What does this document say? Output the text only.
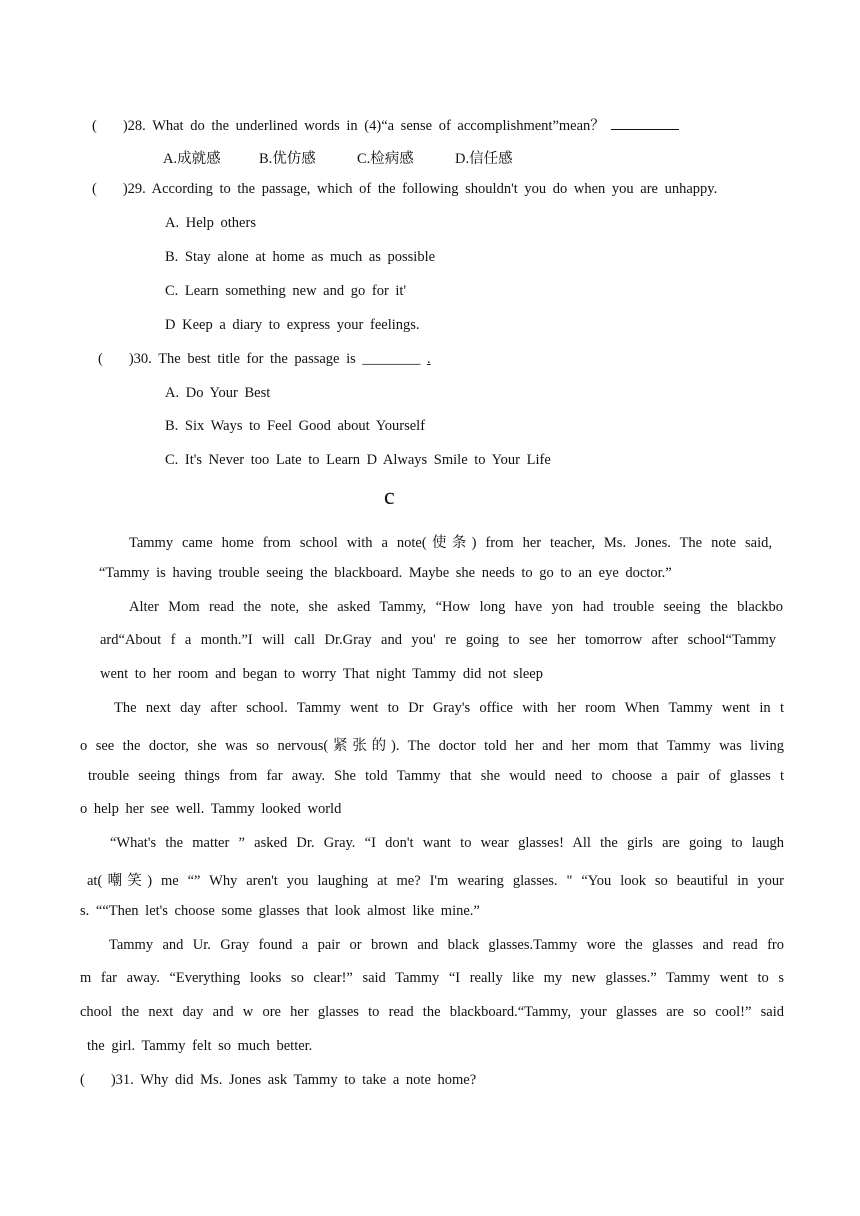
( )28. What do the underlined words in (4)“a sense of accomplishment”mean？
A.成就感	B.优仿感	C.检病感	D.信任感
( )29. According to the passage, which of the following shouldn't you do when you are unhappy.
A. Help others
B. Stay alone at home as much as possible
C. Learn something new and go for it'
D Keep a diary to express your feelings.
( )30. The best title for the passage is ________ .
A. Do Your Best
B. Six Ways to Feel Good about Yourself
C. It's Never too Late to Learn D Always Smile to Your Life
c
Tammy came home from school with a note(使条) from her teacher, Ms. Jones. The note said,
“Tammy is having trouble seeing the blackboard. Maybe she needs to go to an eye doctor.”
Alter Mom read the note, she asked Tammy, “How long have yon had trouble seeing the blackbo
ard“About f a month.”I will call Dr.Gray and you' re going to see her tomorrow after school“Tammy
went to her room and began to worry That night Tammy did not sleep
The next day after school. Tammy went to Dr Gray's office with her room When Tammy went in t
o see the doctor, she was so nervous(紧张的). The doctor told her and her mom that Tammy was living
trouble seeing things from far away. She told Tammy that she would need to choose a pair of glasses t
o help her see well. Tammy looked world
“What's the matter ” asked Dr. Gray. “I don't want to wear glasses! All the girls are going to laugh
at(嘲笑) me “” Why aren't you laughing at me? I'm wearing glasses. " “You look so beautiful in your
s. ““Then let's choose some glasses that look almost like mine.”
Tammy and Ur. Gray found a pair or brown and black glasses.Tammy wore the glasses and read fro
m far away. “Everything looks so clear!” said Tammy “I really like my new glasses.” Tammy went to s
chool the next day and w ore her glasses to read the blackboard.“Tammy, your glasses are so cool!” said
the girl. Tammy felt so much better.
( )31. Why did Ms. Jones ask Tammy to take a note home?
